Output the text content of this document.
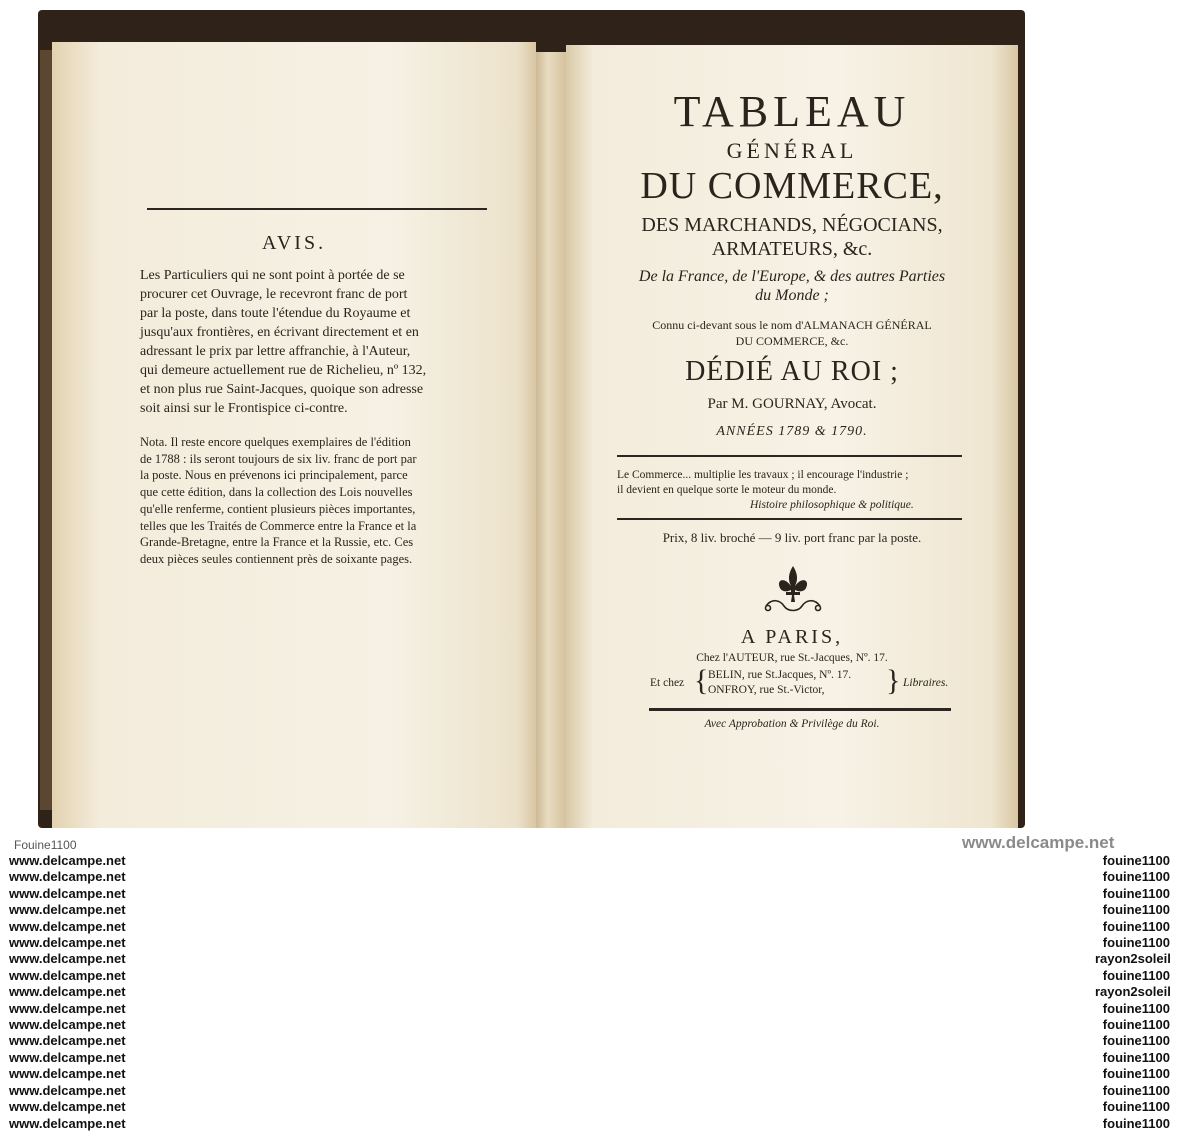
AVIS.
Les Particuliers qui ne sont point à portée de se
procurer cet Ouvrage, le recevront franc de port
par la poste, dans toute l'étendue du Royaume et
jusqu'aux frontières, en écrivant directement et en
adressant le prix par lettre affranchie, à l'Auteur,
qui demeure actuellement rue de Richelieu, nº 132,
et non plus rue Saint-Jacques, quoique son adresse
soit ainsi sur le Frontispice ci-contre.
Nota. Il reste encore quelques exemplaires de l'édition
de 1788 : ils seront toujours de six liv. franc de port par
la poste. Nous en prévenons ici principalement, parce
que cette édition, dans la collection des Lois nouvelles
qu'elle renferme, contient plusieurs pièces importantes,
telles que les Traités de Commerce entre la France et la
Grande-Bretagne, entre la France et la Russie, etc. Ces
deux pièces seules contiennent près de soixante pages.
TABLEAU
GÉNÉRAL
DU COMMERCE,
DES MARCHANDS, NÉGOCIANS,
ARMATEURS, &c.
De la France, de l'Europe, & des autres Parties
du Monde ;
Connu ci-devant sous le nom d'ALMANACH GÉNÉRAL
DU COMMERCE, &c.
DÉDIÉ AU ROI ;
Par M. GOURNAY, Avocat.
ANNÉES 1789 & 1790.
Le Commerce... multiplie les travaux ; il encourage l'industrie ;
il devient en quelque sorte le moteur du monde.
Histoire philosophique & politique.
Prix, 8 liv. broché — 9 liv. port franc par la poste.
A PARIS,
Chez l'AUTEUR, rue St.-Jacques, Nº. 17.
Et chez { BELIN, rue St.Jacques, Nº. 17.
ONFROY, rue St.-Victor, } Libraires.
Avec Approbation & Privilège du Roi.
Fouine1100	www.delcampe.net
www.delcampe.net
www.delcampe.net
www.delcampe.net
www.delcampe.net
www.delcampe.net
www.delcampe.net
www.delcampe.net
www.delcampe.net
www.delcampe.net
www.delcampe.net
www.delcampe.net
www.delcampe.net
www.delcampe.net
www.delcampe.net
www.delcampe.net
www.delcampe.net
www.delcampe.net
fouine1100
fouine1100
fouine1100
fouine1100
fouine1100
fouine1100
rayon2soleil
fouine1100
rayon2soleil
fouine1100
fouine1100
fouine1100
fouine1100
fouine1100
fouine1100
fouine1100
fouine1100
